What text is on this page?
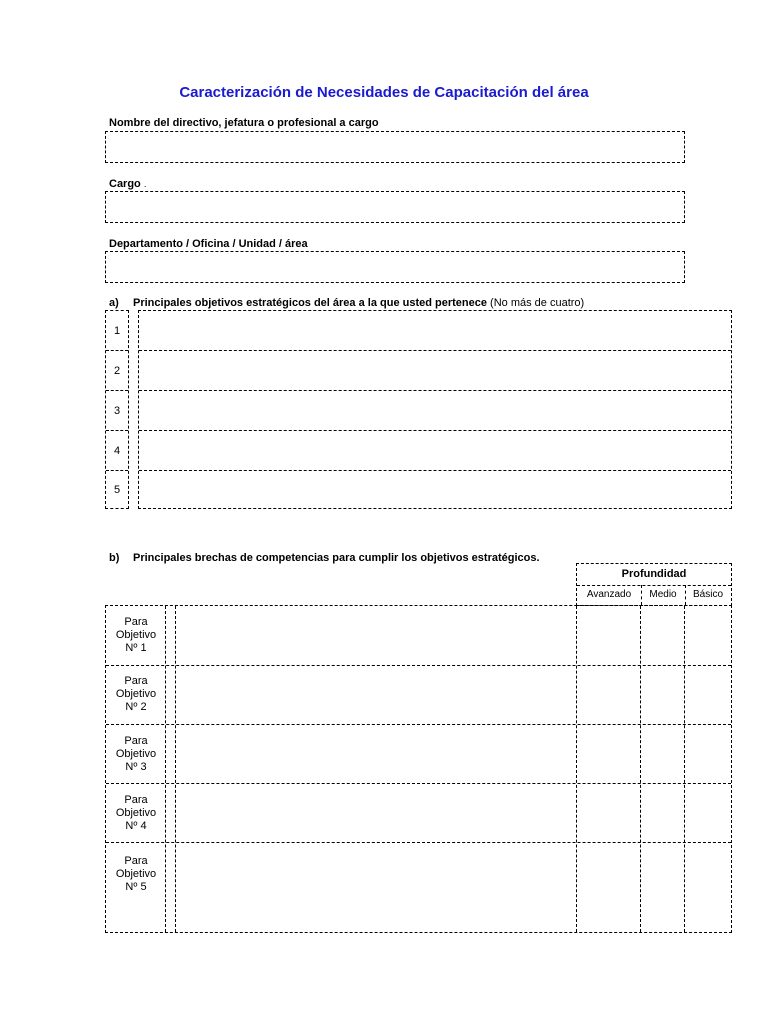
Caracterización de Necesidades de Capacitación del área
Nombre del directivo, jefatura o profesional a cargo
Cargo .
Departamento / Oficina / Unidad / área
a) Principales objetivos estratégicos del área a la que usted pertenece (No más de cuatro)
1
2
3
4
5
b) Principales brechas de competencias para cumplir los objetivos estratégicos.
Profundidad
Avanzado	Medio	Básico
Para
Objetivo
Nº 1
Para
Objetivo
Nº 2
Para
Objetivo
Nº 3
Para
Objetivo
Nº 4
Para
Objetivo
Nº 5
